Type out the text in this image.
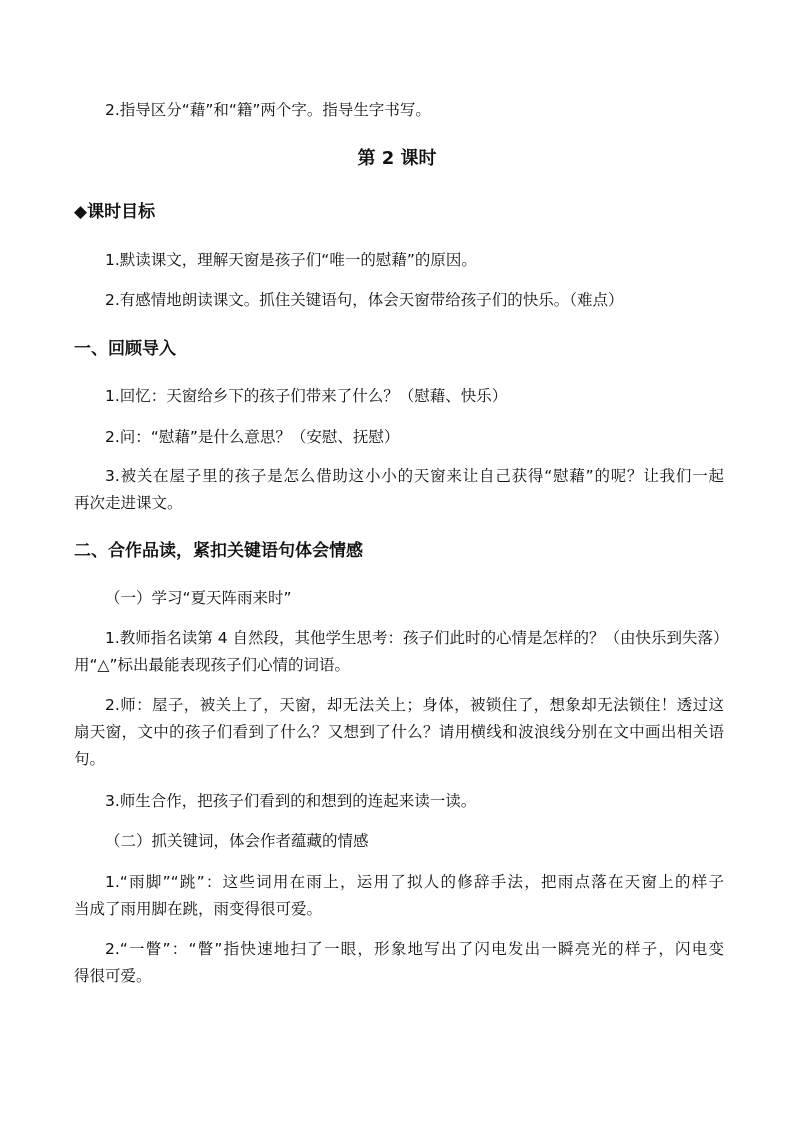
2.指导区分“藉”和“籍”两个字。指导生字书写。
第 2 课时
◆课时目标
1.默读课文，理解天窗是孩子们“唯一的慰藉”的原因。
2.有感情地朗读课文。抓住关键语句，体会天窗带给孩子们的快乐。（难点）
一、回顾导入
1.回忆：天窗给乡下的孩子们带来了什么？（慰藉、快乐）
2.问：“慰藉”是什么意思？（安慰、抚慰）
3.被关在屋子里的孩子是怎么借助这小小的天窗来让自己获得“慰藉”的呢？让我们一起
再次走进课文。
二、合作品读，紧扣关键语句体会情感
（一）学习“夏天阵雨来时”
1.教师指名读第 4 自然段，其他学生思考：孩子们此时的心情是怎样的？（由快乐到失落）
用“△”标出最能表现孩子们心情的词语。
2.师：屋子，被关上了，天窗，却无法关上；身体，被锁住了，想象却无法锁住！透过这
扇天窗，文中的孩子们看到了什么？又想到了什么？请用横线和波浪线分别在文中画出相关语
句。
3.师生合作，把孩子们看到的和想到的连起来读一读。
（二）抓关键词，体会作者蕴藏的情感
1.“雨脚”“跳”：这些词用在雨上，运用了拟人的修辞手法，把雨点落在天窗上的样子
当成了雨用脚在跳，雨变得很可爱。
2.“一瞥”：“瞥”指快速地扫了一眼，形象地写出了闪电发出一瞬亮光的样子，闪电变
得很可爱。
